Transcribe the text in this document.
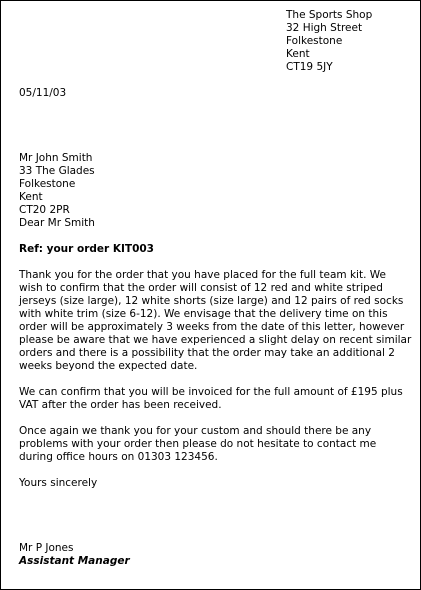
The Sports Shop
32 High Street
Folkestone
Kent
CT19 5JY
05/11/03
Mr John Smith
33 The Glades
Folkestone
Kent
CT20 2PR
Dear Mr Smith
Ref: your order KIT003
Thank you for the order that you have placed for the full team kit. We
wish to confirm that the order will consist of 12 red and white striped
jerseys (size large), 12 white shorts (size large) and 12 pairs of red socks
with white trim (size 6-12). We envisage that the delivery time on this
order will be approximately 3 weeks from the date of this letter, however
please be aware that we have experienced a slight delay on recent similar
orders and there is a possibility that the order may take an additional 2
weeks beyond the expected date.
We can confirm that you will be invoiced for the full amount of £195 plus
VAT after the order has been received.
Once again we thank you for your custom and should there be any
problems with your order then please do not hesitate to contact me
during office hours on 01303 123456.
Yours sincerely
Mr P Jones
Assistant Manager
